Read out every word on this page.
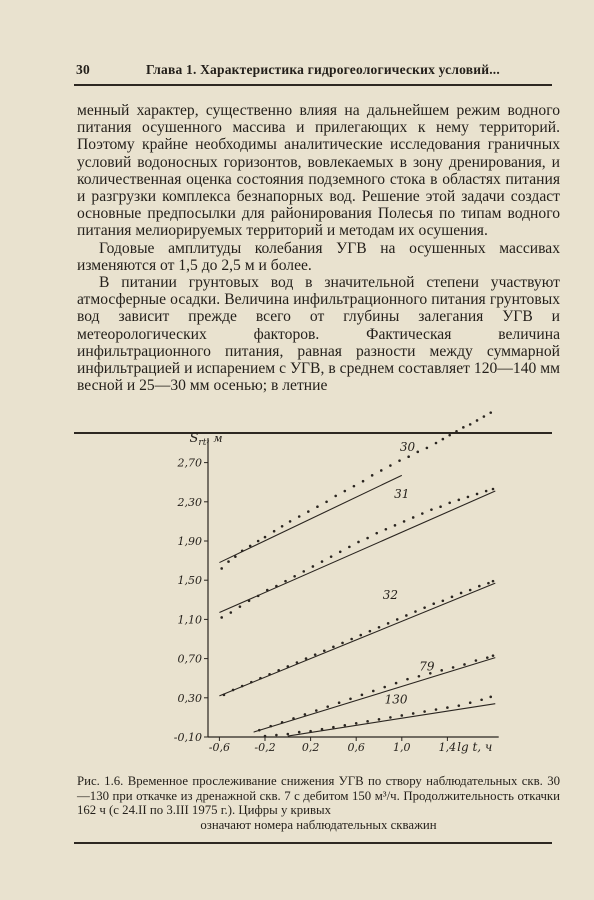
30	Глава 1. Характеристика гидрогеологических условий...

менный характер, существенно влияя на дальнейшем режим водного питания осушенного массива и прилегающих к нему территорий. Поэтому крайне необходимы аналитические исследования граничных условий водоносных горизонтов, вовлекаемых в зону дренирования, и количественная оценка состояния подземного стока в областях питания и разгрузки комплекса безнапорных вод. Решение этой задачи создаст основные предпосылки для районирования Полесья по типам водного питания мелиорируемых территорий и методам их осушения.

Годовые амплитуды колебания УГВ на осушенных массивах изменяются от 1,5 до 2,5 м и более.

В питании грунтовых вод в значительной степени участвуют атмосферные осадки. Величина инфильтрационного питания грунтовых вод зависит прежде всего от глубины залегания УГВ и метеорологических факторов. Фактическая величина инфильтрационного питания, равная разности между суммарной инфильтрацией и испарением с УГВ, в среднем составляет 120—140 мм весной и 25—30 мм осенью; в летние

2,70
2,30
1,90
1,50
1,10
0,70
0,30
-0,10
-0,6 -0,2 0,2	0,6	1,0	1,4 lg t, ч
$S_{rt}^{, м}$
30
31
32
79
130
Рис. 1.6. Временное прослеживание снижения УГВ по створу наблюдательных скв. 30—130 при откачке из дренажной скв. 7 с дебитом 150 м³/ч. Продолжительность откачки 162 ч (с 24.II по 3.III 1975 г.). Цифры у кривых
означают номера наблюдательных скважин
